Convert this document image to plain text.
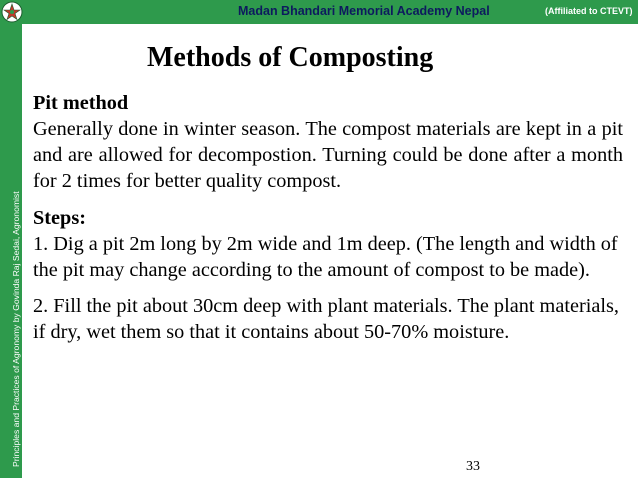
Madan Bhandari Memorial Academy Nepal	(Affiliated to CTEVT)
Principles and Practices of Agronomy by Govinda Raj Sedai, Agronomist
Methods of Composting
Pit method

Generally done in winter season. The compost materials are kept in a pit and are allowed for decompostion. Turning could be done after a month for 2 times for better quality compost.

Steps:

1. Dig a pit 2m long by 2m wide and 1m deep. (The length and width of the pit may change according to the amount of compost to be made).

2. Fill the pit about 30cm deep with plant materials. The plant materials, if dry, wet them so that it contains about 50-70% moisture.

33
